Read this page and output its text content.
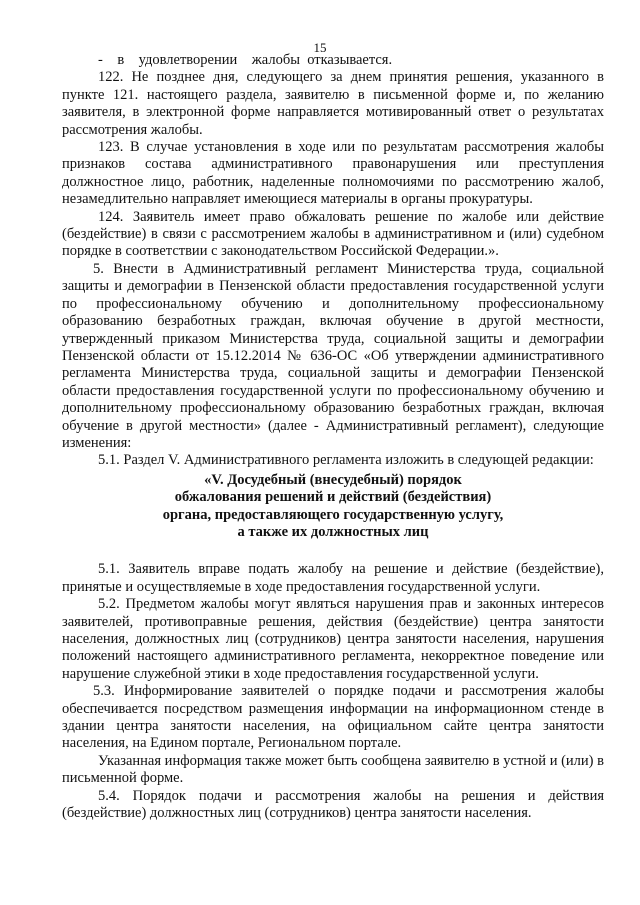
15

-    в    удовлетворении    жалобы  отказывается.

122. Не позднее дня, следующего за днем принятия решения, указанного в пункте 121. настоящего раздела, заявителю в письменной форме и, по желанию заявителя, в электронной форме направляется мотивированный ответ о результатах рассмотрения жалобы.

123. В случае установления в ходе или по результатам рассмотрения жалобы признаков состава административного правонарушения или преступления должностное лицо, работник, наделенные полномочиями по рассмотрению жалоб, незамедлительно направляет имеющиеся материалы в органы прокуратуры.

124. Заявитель имеет право обжаловать решение по жалобе или действие (бездействие) в связи с рассмотрением жалобы в административном и (или) судебном порядке в соответствии с законодательством Российской Федерации.».

5. Внести в Административный регламент Министерства труда, социальной защиты и демографии в Пензенской области предоставления государственной услуги по профессиональному обучению и дополнительному профессиональному образованию безработных граждан, включая обучение в другой местности, утвержденный приказом Министерства труда, социальной защиты и демографии Пензенской области от 15.12.2014 № 636-ОС «Об утверждении административного регламента Министерства труда, социальной защиты и демографии Пензенской области предоставления государственной услуги по профессиональному обучению и дополнительному профессиональному образованию безработных граждан, включая обучение в другой местности» (далее - Административный регламент), следующие изменения:

5.1. Раздел V. Административного регламента изложить в следующей редакции:

«V. Досудебный (внесудебный) порядок
обжалования решений и действий (бездействия)
органа, предоставляющего государственную услугу,
а также их должностных лиц

5.1. Заявитель вправе подать жалобу на решение и действие (бездействие), принятые и осуществляемые в ходе предоставления государственной услуги.

5.2. Предметом жалобы могут являться нарушения прав и законных интересов заявителей, противоправные решения, действия (бездействие) центра занятости населения, должностных лиц (сотрудников) центра занятости населения, нарушения положений настоящего административного регламента, некорректное поведение или нарушение служебной этики в ходе предоставления государственной услуги.

5.3. Информирование заявителей о порядке подачи и рассмотрения жалобы обеспечивается посредством размещения информации на информационном стенде в здании центра занятости населения, на официальном сайте центра занятости населения, на Едином портале, Региональном портале.

Указанная информация также может быть сообщена заявителю в устной и (или) в письменной форме.

5.4. Порядок подачи и рассмотрения жалобы на решения и действия (бездействие) должностных лиц (сотрудников) центра занятости населения.
